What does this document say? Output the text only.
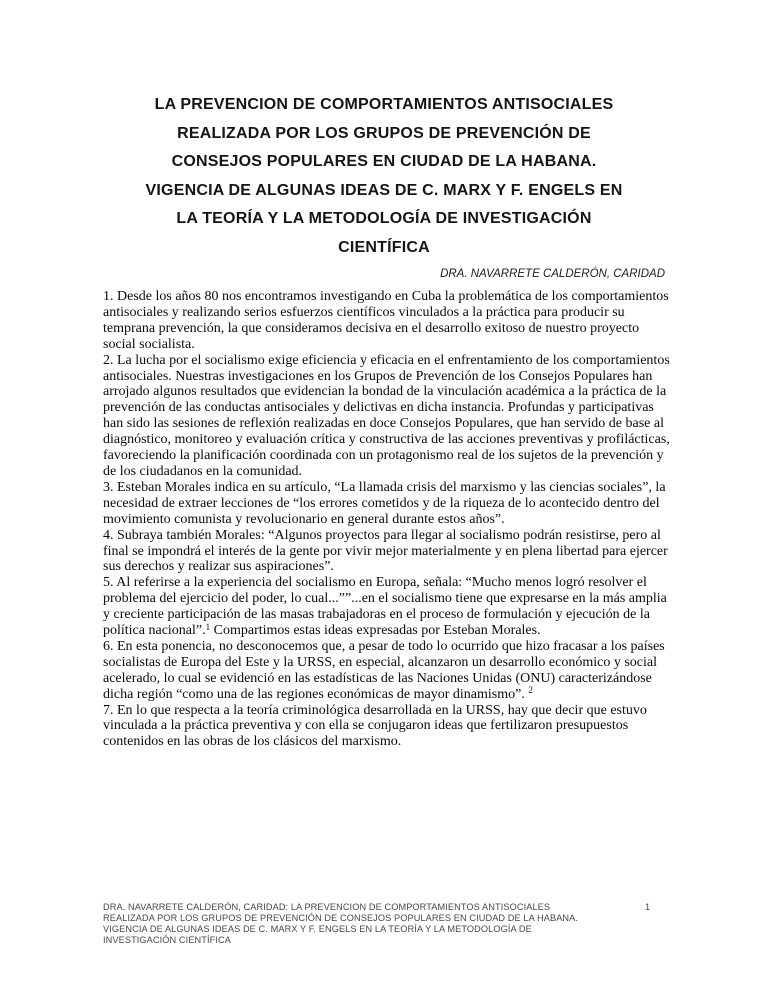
LA PREVENCION DE COMPORTAMIENTOS ANTISOCIALES
REALIZADA POR LOS GRUPOS DE PREVENCIÓN DE
CONSEJOS POPULARES EN CIUDAD DE LA HABANA.
VIGENCIA DE ALGUNAS IDEAS DE C. MARX Y F. ENGELS EN
LA TEORÍA Y LA METODOLOGÍA DE INVESTIGACIÓN
CIENTÍFICA
DRA. NAVARRETE CALDERÓN, CARIDAD

1. Desde los años 80 nos encontramos investigando en Cuba la problemática de los comportamientos antisociales y realizando serios esfuerzos científicos vinculados a la práctica para producir su temprana prevención, la que consideramos decisiva en el desarrollo exitoso de nuestro proyecto social socialista.

2. La lucha por el socialismo exige eficiencia y eficacia en el enfrentamiento de los comportamientos antisociales. Nuestras investigaciones en los Grupos de Prevención de los Consejos Populares han arrojado algunos resultados que evidencian la bondad de la vinculación académica a la práctica de la prevención de las conductas antisociales y delictivas en dicha instancia. Profundas y participativas han sido las sesiones de reflexión realizadas en doce Consejos Populares, que han servido de base al diagnóstico, monitoreo y evaluación crítica y constructiva de las acciones preventivas y profilácticas, favoreciendo la planificación coordinada con un protagonismo real de los sujetos de la prevención y de los ciudadanos en la comunidad.

3. Esteban Morales indica en su artículo, “La llamada crisis del marxismo y las ciencias sociales”, la necesidad de extraer lecciones de “los errores cometidos y de la riqueza de lo acontecido dentro del movimiento comunista y revolucionario en general durante estos años”.

4. Subraya también Morales: “Algunos proyectos para llegar al socialismo podrán resistirse, pero al final se impondrá el interés de la gente por vivir mejor materialmente y en plena libertad para ejercer sus derechos y realizar sus aspiraciones”.

5. Al referirse a la experiencia del socialismo en Europa, señala: “Mucho menos logró resolver el problema del ejercicio del poder, lo cual...””...en el socialismo tiene que expresarse en la más amplia y creciente participación de las masas trabajadoras en el proceso de formulación y ejecución de la política nacional”.$^1$ Compartimos estas ideas expresadas por Esteban Morales.

6. En esta ponencia, no desconocemos que, a pesar de todo lo ocurrido que hizo fracasar a los países socialistas de Europa del Este y la URSS, en especial, alcanzaron un desarrollo económico y social acelerado, lo cual se evidenció en las estadísticas de las Naciones Unidas (ONU) caracterizándose dicha región “como una de las regiones económicas de mayor dinamismo”. $^2$

7. En lo que respecta a la teoría criminológica desarrollada en la URSS, hay que decir que estuvo vinculada a la práctica preventiva y con ella se conjugaron ideas que fertilizaron presupuestos contenidos en las obras de los clásicos del marxismo.

DRA. NAVARRETE CALDERÓN, CARIDAD: LA PREVENCION DE COMPORTAMIENTOS ANTISOCIALES
REALIZADA POR LOS GRUPOS DE PREVENCIÓN DE CONSEJOS POPULARES EN CIUDAD DE LA HABANA.
VIGENCIA DE ALGUNAS IDEAS DE C. MARX Y F. ENGELS EN LA TEORÍA Y LA METODOLOGÍA DE
INVESTIGACIÓN CIENTÍFICA
1
